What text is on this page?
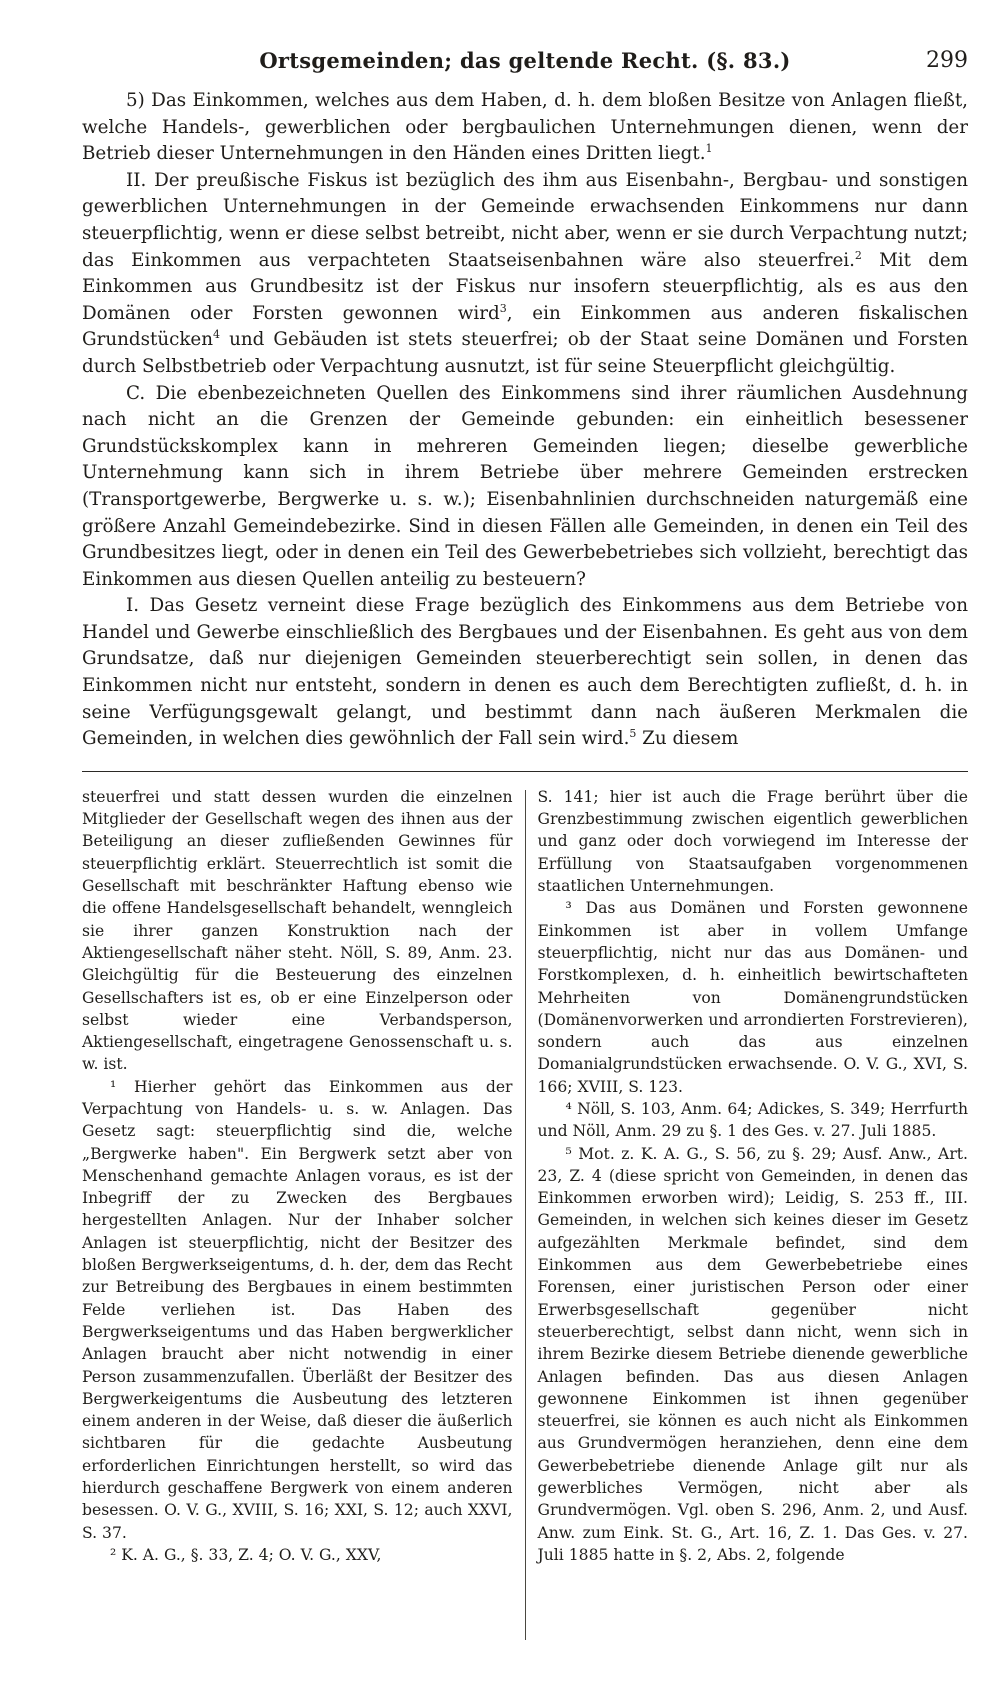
Ortsgemeinden; das geltende Recht. (§. 83.)	299

5) Das Einkommen, welches aus dem Haben, d. h. dem bloßen Besitze von Anlagen fließt, welche Handels-, gewerblichen oder bergbaulichen Unternehmungen dienen, wenn der Betrieb dieser Unternehmungen in den Händen eines Dritten liegt.$^1$

II. Der preußische Fiskus ist bezüglich des ihm aus Eisenbahn-, Bergbau- und sonstigen gewerblichen Unternehmungen in der Gemeinde erwachsenden Einkommens nur dann steuerpflichtig, wenn er diese selbst betreibt, nicht aber, wenn er sie durch Verpachtung nutzt; das Einkommen aus verpachteten Staatseisenbahnen wäre also steuerfrei.$^2$ Mit dem Einkommen aus Grundbesitz ist der Fiskus nur insofern steuerpflichtig, als es aus den Domänen oder Forsten gewonnen wird$^3$, ein Einkommen aus anderen fiskalischen Grundstücken$^4$ und Gebäuden ist stets steuerfrei; ob der Staat seine Domänen und Forsten durch Selbstbetrieb oder Verpachtung ausnutzt, ist für seine Steuerpflicht gleichgültig.

C. Die ebenbezeichneten Quellen des Einkommens sind ihrer räumlichen Ausdehnung nach nicht an die Grenzen der Gemeinde gebunden: ein einheitlich besessener Grundstückskomplex kann in mehreren Gemeinden liegen; dieselbe gewerbliche Unternehmung kann sich in ihrem Betriebe über mehrere Gemeinden erstrecken (Transportgewerbe, Bergwerke u. s. w.); Eisenbahnlinien durchschneiden naturgemäß eine größere Anzahl Gemeindebezirke. Sind in diesen Fällen alle Gemeinden, in denen ein Teil des Grundbesitzes liegt, oder in denen ein Teil des Gewerbebetriebes sich vollzieht, berechtigt das Einkommen aus diesen Quellen anteilig zu besteuern?

I. Das Gesetz verneint diese Frage bezüglich des Einkommens aus dem Betriebe von Handel und Gewerbe einschließlich des Bergbaues und der Eisenbahnen. Es geht aus von dem Grundsatze, daß nur diejenigen Gemeinden steuerberechtigt sein sollen, in denen das Einkommen nicht nur entsteht, sondern in denen es auch dem Berechtigten zufließt, d. h. in seine Verfügungsgewalt gelangt, und bestimmt dann nach äußeren Merkmalen die Gemeinden, in welchen dies gewöhnlich der Fall sein wird.$^5$ Zu diesem

steuerfrei und statt dessen wurden die einzelnen Mitglieder der Gesellschaft wegen des ihnen aus der Beteiligung an dieser zufließenden Gewinnes für steuerpflichtig erklärt. Steuerrechtlich ist somit die Gesellschaft mit beschränkter Haftung ebenso wie die offene Handelsgesellschaft behandelt, wenngleich sie ihrer ganzen Konstruktion nach der Aktiengesellschaft näher steht. Nöll, S. 89, Anm. 23. Gleichgültig für die Besteuerung des einzelnen Gesellschafters ist es, ob er eine Einzelperson oder selbst wieder eine Verbandsperson, Aktiengesellschaft, eingetragene Genossenschaft u. s. w. ist.

¹ Hierher gehört das Einkommen aus der Verpachtung von Handels- u. s. w. Anlagen. Das Gesetz sagt: steuerpflichtig sind die, welche „Bergwerke haben". Ein Bergwerk setzt aber von Menschenhand gemachte Anlagen voraus, es ist der Inbegriff der zu Zwecken des Bergbaues hergestellten Anlagen. Nur der Inhaber solcher Anlagen ist steuerpflichtig, nicht der Besitzer des bloßen Bergwerkseigentums, d. h. der, dem das Recht zur Betreibung des Bergbaues in einem bestimmten Felde verliehen ist. Das Haben des Bergwerkseigentums und das Haben bergwerklicher Anlagen braucht aber nicht notwendig in einer Person zusammenzufallen. Überläßt der Besitzer des Bergwerkeigentums die Ausbeutung des letzteren einem anderen in der Weise, daß dieser die äußerlich sichtbaren für die gedachte Ausbeutung erforderlichen Einrichtungen herstellt, so wird das hierdurch geschaffene Bergwerk von einem anderen besessen. O. V. G., XVIII, S. 16; XXI, S. 12; auch XXVI, S. 37.

² K. A. G., §. 33, Z. 4; O. V. G., XXV,

S. 141; hier ist auch die Frage berührt über die Grenzbestimmung zwischen eigentlich gewerblichen und ganz oder doch vorwiegend im Interesse der Erfüllung von Staatsaufgaben vorgenommenen staatlichen Unternehmungen.

³ Das aus Domänen und Forsten gewonnene Einkommen ist aber in vollem Umfange steuerpflichtig, nicht nur das aus Domänen- und Forstkomplexen, d. h. einheitlich bewirtschafteten Mehrheiten von Domänengrundstücken (Domänenvorwerken und arrondierten Forstrevieren), sondern auch das aus einzelnen Domanialgrundstücken erwachsende. O. V. G., XVI, S. 166; XVIII, S. 123.

⁴ Nöll, S. 103, Anm. 64; Adickes, S. 349; Herrfurth und Nöll, Anm. 29 zu §. 1 des Ges. v. 27. Juli 1885.

⁵ Mot. z. K. A. G., S. 56, zu §. 29; Ausf. Anw., Art. 23, Z. 4 (diese spricht von Gemeinden, in denen das Einkommen erworben wird); Leidig, S. 253 ff., III. Gemeinden, in welchen sich keines dieser im Gesetz aufgezählten Merkmale befindet, sind dem Einkommen aus dem Gewerbebetriebe eines Forensen, einer juristischen Person oder einer Erwerbsgesellschaft gegenüber nicht steuerberechtigt, selbst dann nicht, wenn sich in ihrem Bezirke diesem Betriebe dienende gewerbliche Anlagen befinden. Das aus diesen Anlagen gewonnene Einkommen ist ihnen gegenüber steuerfrei, sie können es auch nicht als Einkommen aus Grundvermögen heranziehen, denn eine dem Gewerbebetriebe dienende Anlage gilt nur als gewerbliches Vermögen, nicht aber als Grundvermögen. Vgl. oben S. 296, Anm. 2, und Ausf. Anw. zum Eink. St. G., Art. 16, Z. 1. Das Ges. v. 27. Juli 1885 hatte in §. 2, Abs. 2, folgende
